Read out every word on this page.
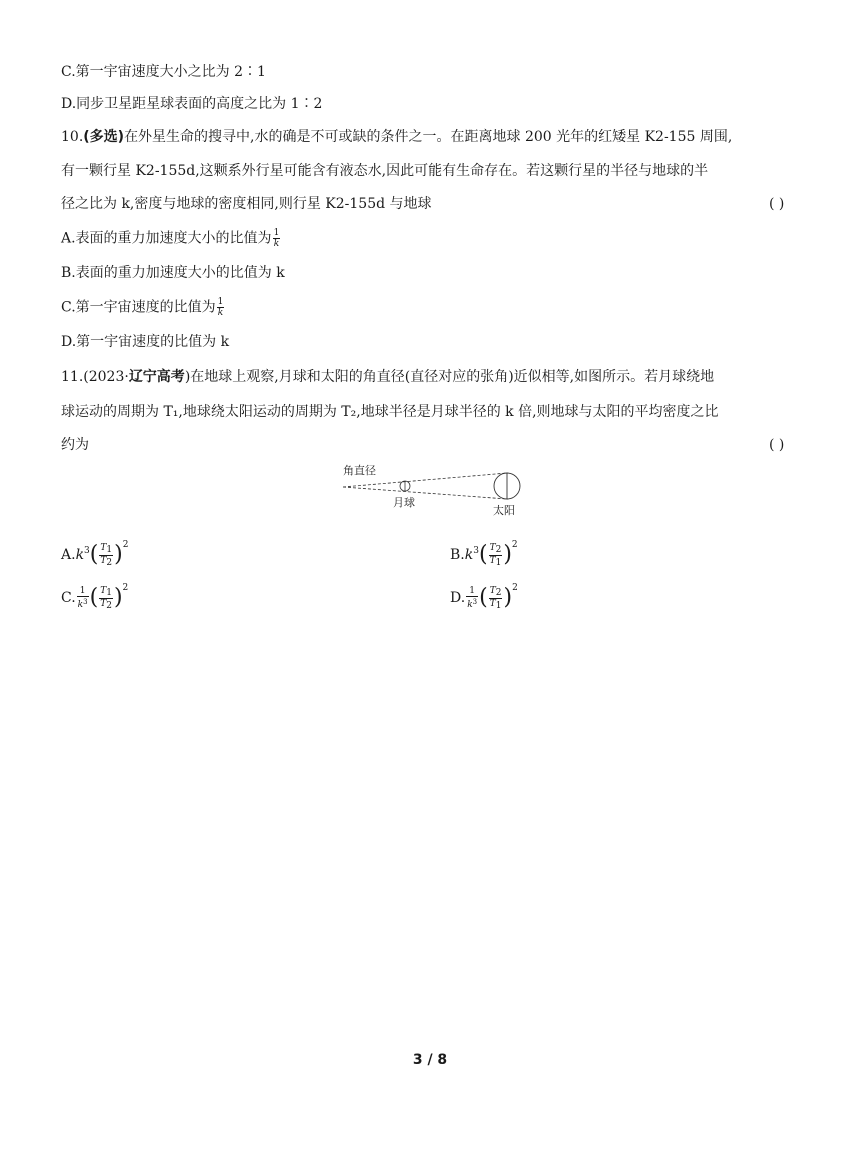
C.第一宇宙速度大小之比为 2∶1
D.同步卫星距星球表面的高度之比为 1∶2
10.(多选)在外星生命的搜寻中,水的确是不可或缺的条件之一。在距离地球 200 光年的红矮星 K2-155 周围,
有一颗行星 K2-155d,这颗系外行星可能含有液态水,因此可能有生命存在。若这颗行星的半径与地球的半
径之比为 k,密度与地球的密度相同,则行星 K2-155d 与地球	( )
A.表面的重力加速度大小的比值为 $\frac{1}{k}$
B.表面的重力加速度大小的比值为 k
C.第一宇宙速度的比值为 $\frac{1}{k}$
D.第一宇宙速度的比值为 k
11.(2023·辽宁高考)在地球上观察,月球和太阳的角直径(直径对应的张角)近似相等,如图所示。若月球绕地
球运动的周期为 T₁,地球绕太阳运动的周期为 T₂,地球半径是月球半径的 k 倍,则地球与太阳的平均密度之比
约为	( )
角直径
月球
太阳
$A.k^3( \frac{T1}{T2} )^2$
$B.k^3( \frac{T2}{T1} )^2$
C. $\frac{1}{k^3}$ ( $\frac{T1}{T2} )^2$
D. $\frac{1}{k^3}$ ( $\frac{T2}{T1} )^2$
3 / 8
